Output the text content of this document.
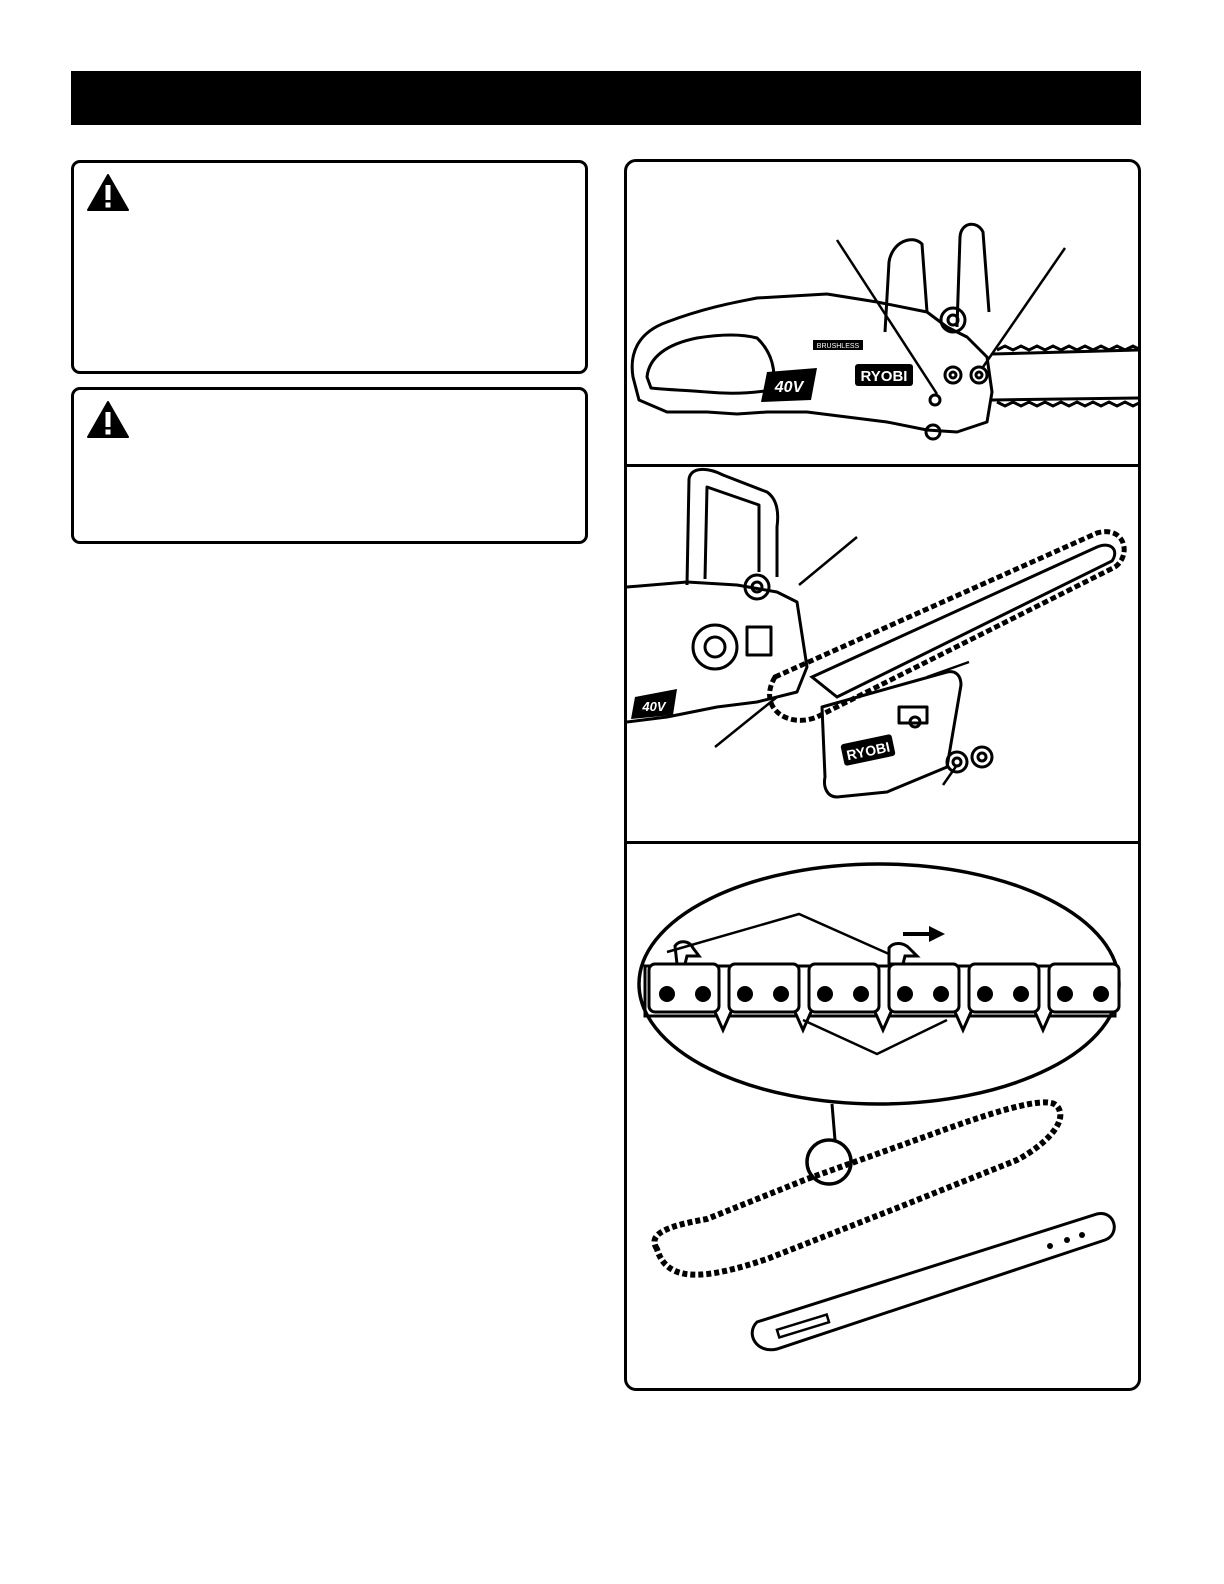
RYOBI
40V
BRUSHLESS
40V
RYOBI
